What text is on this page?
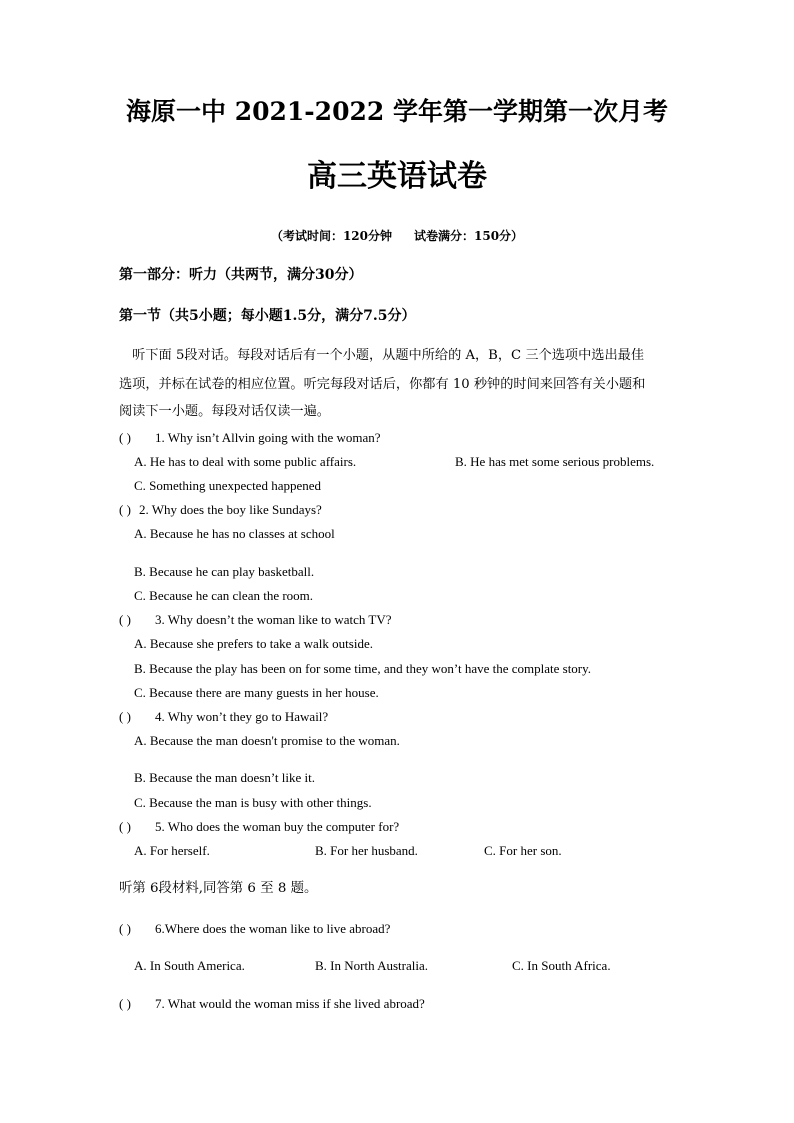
海原一中 2021-2022 学年第一学期第一次月考
高三英语试卷
（考试时间：120分钟 试卷满分：150分）
第一部分：听力（共两节，满分30分）
第一节（共5小题；每小题1.5分，满分7.5分）
　听下面 5段对话。每段对话后有一个小题，从题中所给的 A，B，C 三个选项中选出最佳
选项，并标在试卷的相应位置。听完每段对话后，你都有 10 秒钟的时间来回答有关小题和
阅读下一小题。每段对话仅读一遍。
( ) 1. Why isn’t Allvin going with the woman?
A. He has to deal with some public affairs.	B. He has met some serious problems.
C. Something unexpected happened
( ) 2. Why does the boy like Sundays?
A. Because he has no classes at school
B. Because he can play basketball.
C. Because he can clean the room.
( ) 3. Why doesn’t the woman like to watch TV?
A. Because she prefers to take a walk outside.
B. Because the play has been on for some time, and they won’t have the complate story.
C. Because there are many guests in her house.
( ) 4. Why won’t they go to Hawail?
A. Because the man doesn't promise to the woman.
B. Because the man doesn’t like it.
C. Because the man is busy with other things.
( ) 5. Who does the woman buy the computer for?
A. For herself.	B. For her husband.	C. For her son.
听第 6段材料,同答第 6 至 8 题。
( ) 6.Where does the woman like to live abroad?
A. In South America.	B. In North Australia.	C. In South Africa.
( ) 7. What would the woman miss if she lived abroad?
